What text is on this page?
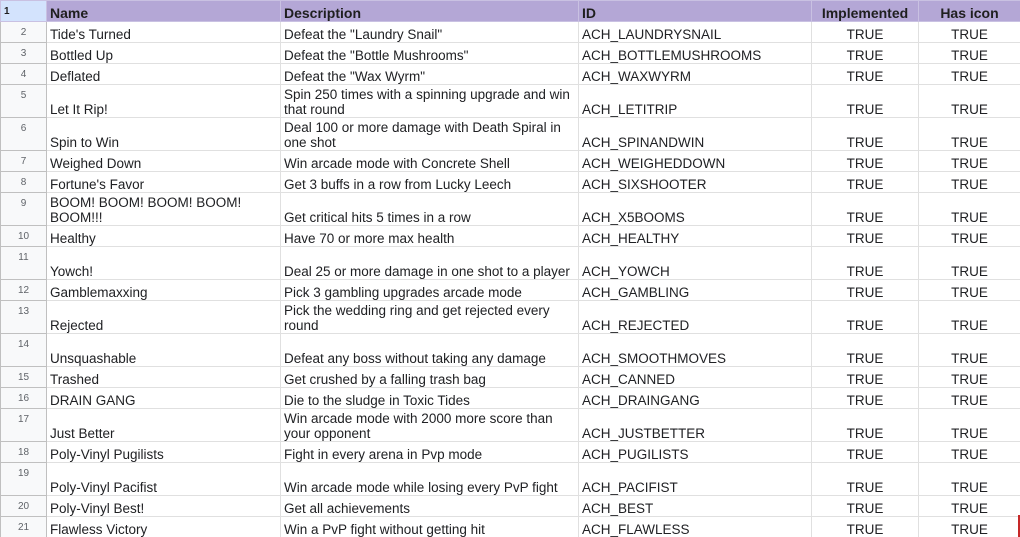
1	Name	Description	ID	Implemented	Has icon
2	Tide's Turned	Defeat the "Laundry Snail"	ACH_LAUNDRYSNAIL	TRUE	TRUE
3	Bottled Up	Defeat the "Bottle Mushrooms"	ACH_BOTTLEMUSHROOMS	TRUE	TRUE
4	Deflated	Defeat the "Wax Wyrm"	ACH_WAXWYRM	TRUE	TRUE
5	Let It Rip!	Spin 250 times with a spinning upgrade and win that round	ACH_LETITRIP	TRUE	TRUE
6	Spin to Win	Deal 100 or more damage with Death Spiral in one shot	ACH_SPINANDWIN	TRUE	TRUE
7	Weighed Down	Win arcade mode with Concrete Shell	ACH_WEIGHEDDOWN	TRUE	TRUE
8	Fortune's Favor	Get 3 buffs in a row from Lucky Leech	ACH_SIXSHOOTER	TRUE	TRUE
9	BOOM! BOOM! BOOM! BOOM! BOOM!!!	Get critical hits 5 times in a row	ACH_X5BOOMS	TRUE	TRUE
10	Healthy	Have 70 or more max health	ACH_HEALTHY	TRUE	TRUE
11	Yowch!	Deal 25 or more damage in one shot to a player	ACH_YOWCH	TRUE	TRUE
12	Gamblemaxxing	Pick 3 gambling upgrades arcade mode	ACH_GAMBLING	TRUE	TRUE
13	Rejected	Pick the wedding ring and get rejected every round	ACH_REJECTED	TRUE	TRUE
14	Unsquashable	Defeat any boss without taking any damage	ACH_SMOOTHMOVES	TRUE	TRUE
15	Trashed	Get crushed by a falling trash bag	ACH_CANNED	TRUE	TRUE
16	DRAIN GANG	Die to the sludge in Toxic Tides	ACH_DRAINGANG	TRUE	TRUE
17	Just Better	Win arcade mode with 2000 more score than your opponent	ACH_JUSTBETTER	TRUE	TRUE
18	Poly-Vinyl Pugilists	Fight in every arena in Pvp mode	ACH_PUGILISTS	TRUE	TRUE
19	Poly-Vinyl Pacifist	Win arcade mode while losing every PvP fight	ACH_PACIFIST	TRUE	TRUE
20	Poly-Vinyl Best!	Get all achievements	ACH_BEST	TRUE	TRUE
21	Flawless Victory	Win a PvP fight without getting hit	ACH_FLAWLESS	TRUE	TRUE
